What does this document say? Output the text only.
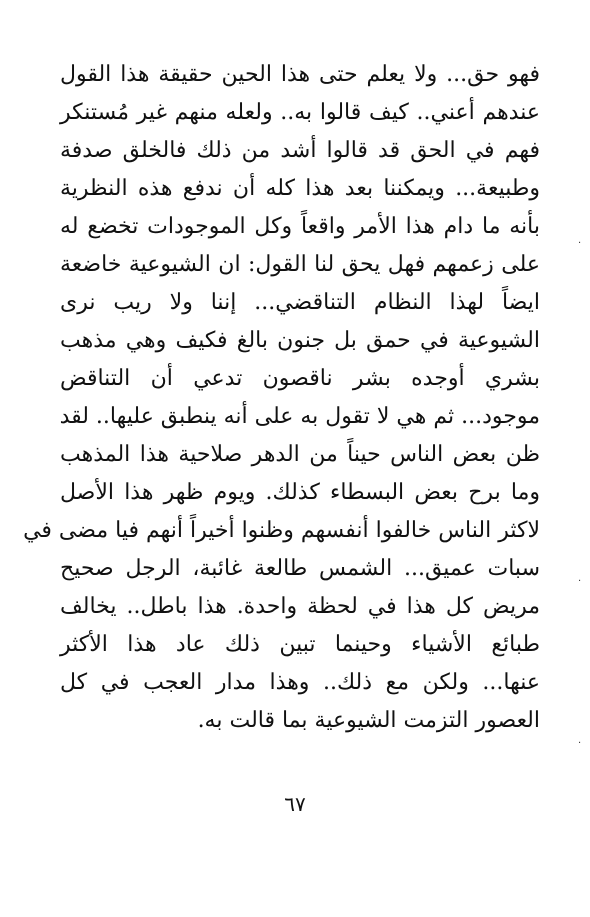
فهو حق... ولا يعلم حتى هذا الحين حقيقة هذا القول
عندهم أعني.. كيف قالوا به.. ولعله منهم غير مُستنكر
فهم في الحق قد قالوا أشد من ذلك فالخلق صدفة
وطبيعة... ويمكننا بعد هذا كله أن ندفع هذه النظرية
بأنه ما دام هذا الأمر واقعاً وكل الموجودات تخضع له
على زعمهم فهل يحق لنا القول: ان الشيوعية خاضعة
ايضاً لهذا النظام التناقضي... إننا ولا ريب نرى
الشيوعية في حمق بل جنون بالغ فكيف وهي مذهب
بشري أوجده بشر ناقصون تدعي أن التناقض
موجود... ثم هي لا تقول به على أنه ينطبق عليها.. لقد
ظن بعض الناس حيناً من الدهر صلاحية هذا المذهب
وما برح بعض البسطاء كذلك. ويوم ظهر هذا الأصل
لاكثر الناس خالفوا أنفسهم وظنوا أخيراً أنهم فيا مضى في
سبات عميق... الشمس طالعة غائبة، الرجل صحيح
مريض كل هذا في لحظة واحدة. هذا باطل.. يخالف
طبائع الأشياء وحينما تبين ذلك عاد هذا الأكثر
عنها... ولكن مع ذلك.. وهذا مدار العجب في كل
العصور التزمت الشيوعية بما قالت به.
٦٧
.
.
.
